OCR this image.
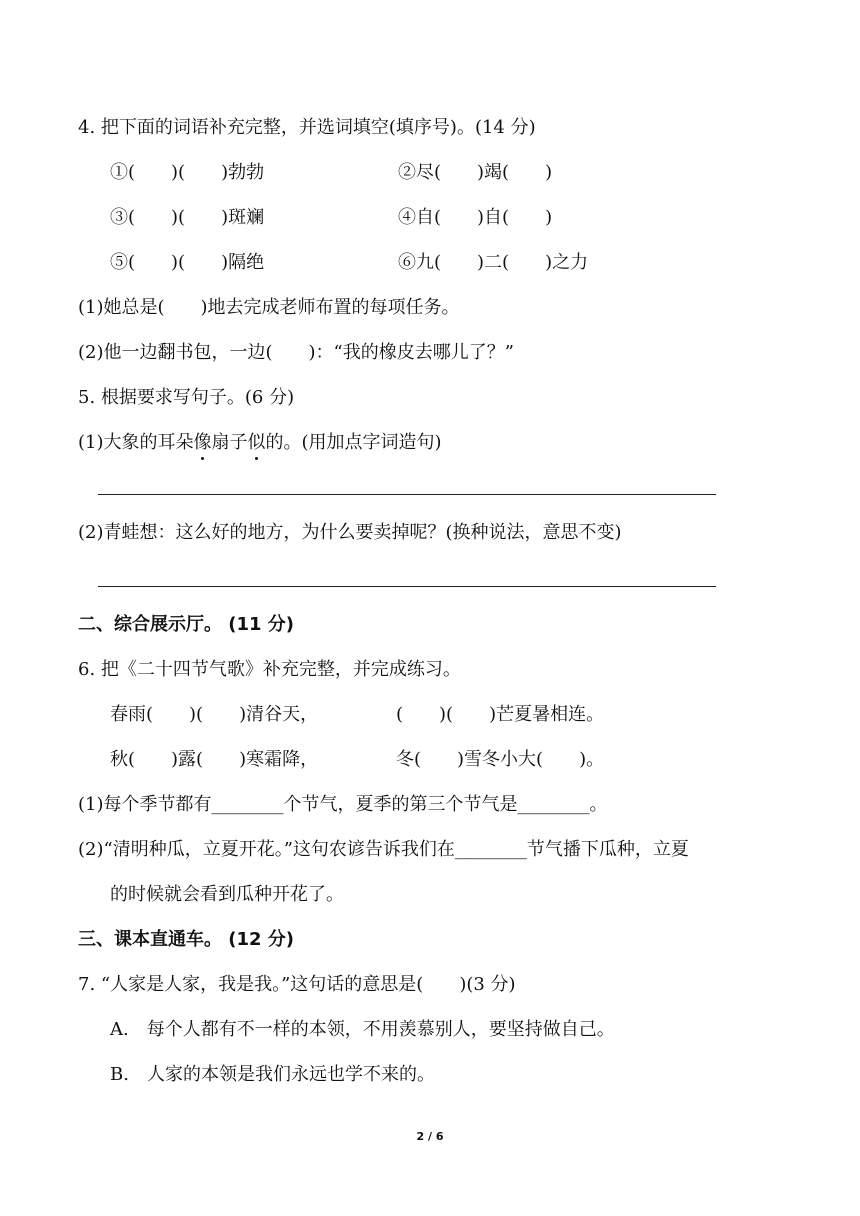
4. 把下面的词语补充完整，并选词填空(填序号)。(14 分)
①(　　)(　　)勃勃	②尽(　　)竭(　　)
③(　　)(　　)斑斓	④自(　　)自(　　)
⑤(　　)(　　)隔绝	⑥九(　　)二(　　)之力
(1)她总是(　　)地去完成老师布置的每项任务。
(2)他一边翻书包，一边(　　)：“我的橡皮去哪儿了？”
5. 根据要求写句子。(6 分)
(1)大象的耳朵像扇子似的。(用加点字词造句)
(2)青蛙想：这么好的地方，为什么要卖掉呢？(换种说法，意思不变)
二、综合展示厅。 (11 分)
6. 把《二十四节气歌》补充完整，并完成练习。
春雨(　　)(　　)清谷天，	(　　)(　　)芒夏暑相连。
秋(　　)露(　　)寒霜降，	冬(　　)雪冬小大(　　)。
(1)每个季节都有________个节气，夏季的第三个节气是________。
(2)“清明种瓜，立夏开花。”这句农谚告诉我们在________节气播下瓜种，立夏
的时候就会看到瓜种开花了。
三、课本直通车。 (12 分)
7. “人家是人家，我是我。”这句话的意思是(　　)(3 分)
A.　每个人都有不一样的本领，不用羡慕别人，要坚持做自己。
B.　人家的本领是我们永远也学不来的。
2 / 6
